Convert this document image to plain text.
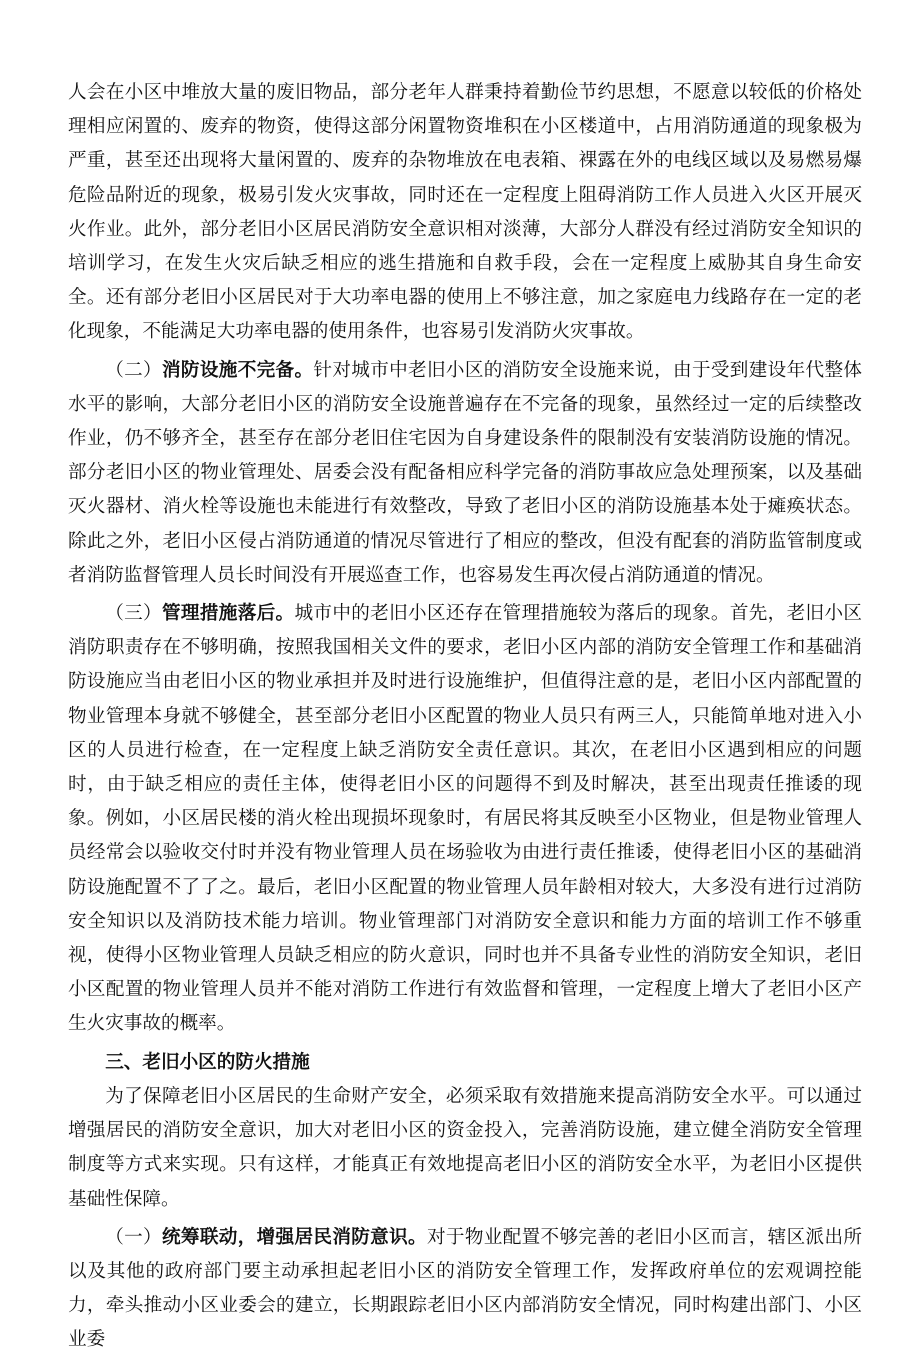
人会在小区中堆放大量的废旧物品，部分老年人群秉持着勤俭节约思想，不愿意以较低的价格处理相应闲置的、废弃的物资，使得这部分闲置物资堆积在小区楼道中，占用消防通道的现象极为严重，甚至还出现将大量闲置的、废弃的杂物堆放在电表箱、裸露在外的电线区域以及易燃易爆危险品附近的现象，极易引发火灾事故，同时还在一定程度上阻碍消防工作人员进入火区开展灭火作业。此外，部分老旧小区居民消防安全意识相对淡薄，大部分人群没有经过消防安全知识的培训学习，在发生火灾后缺乏相应的逃生措施和自救手段，会在一定程度上威胁其自身生命安全。还有部分老旧小区居民对于大功率电器的使用上不够注意，加之家庭电力线路存在一定的老化现象，不能满足大功率电器的使用条件，也容易引发消防火灾事故。

（二）消防设施不完备。针对城市中老旧小区的消防安全设施来说，由于受到建设年代整体水平的影响，大部分老旧小区的消防安全设施普遍存在不完备的现象，虽然经过一定的后续整改作业，仍不够齐全，甚至存在部分老旧住宅因为自身建设条件的限制没有安装消防设施的情况。部分老旧小区的物业管理处、居委会没有配备相应科学完备的消防事故应急处理预案，以及基础灭火器材、消火栓等设施也未能进行有效整改，导致了老旧小区的消防设施基本处于瘫痪状态。除此之外，老旧小区侵占消防通道的情况尽管进行了相应的整改，但没有配套的消防监管制度或者消防监督管理人员长时间没有开展巡查工作，也容易发生再次侵占消防通道的情况。

（三）管理措施落后。城市中的老旧小区还存在管理措施较为落后的现象。首先，老旧小区消防职责存在不够明确，按照我国相关文件的要求，老旧小区内部的消防安全管理工作和基础消防设施应当由老旧小区的物业承担并及时进行设施维护，但值得注意的是，老旧小区内部配置的物业管理本身就不够健全，甚至部分老旧小区配置的物业人员只有两三人，只能简单地对进入小区的人员进行检查，在一定程度上缺乏消防安全责任意识。其次，在老旧小区遇到相应的问题时，由于缺乏相应的责任主体，使得老旧小区的问题得不到及时解决，甚至出现责任推诿的现象。例如，小区居民楼的消火栓出现损坏现象时，有居民将其反映至小区物业，但是物业管理人员经常会以验收交付时并没有物业管理人员在场验收为由进行责任推诿，使得老旧小区的基础消防设施配置不了了之。最后，老旧小区配置的物业管理人员年龄相对较大，大多没有进行过消防安全知识以及消防技术能力培训。物业管理部门对消防安全意识和能力方面的培训工作不够重视，使得小区物业管理人员缺乏相应的防火意识，同时也并不具备专业性的消防安全知识，老旧小区配置的物业管理人员并不能对消防工作进行有效监督和管理，一定程度上增大了老旧小区产生火灾事故的概率。

三、老旧小区的防火措施

为了保障老旧小区居民的生命财产安全，必须采取有效措施来提高消防安全水平。可以通过增强居民的消防安全意识，加大对老旧小区的资金投入，完善消防设施，建立健全消防安全管理制度等方式来实现。只有这样，才能真正有效地提高老旧小区的消防安全水平，为老旧小区提供基础性保障。

（一）统筹联动，增强居民消防意识。对于物业配置不够完善的老旧小区而言，辖区派出所以及其他的政府部门要主动承担起老旧小区的消防安全管理工作，发挥政府单位的宏观调控能力，牵头推动小区业委会的建立，长期跟踪老旧小区内部消防安全情况，同时构建出部门、小区业委
